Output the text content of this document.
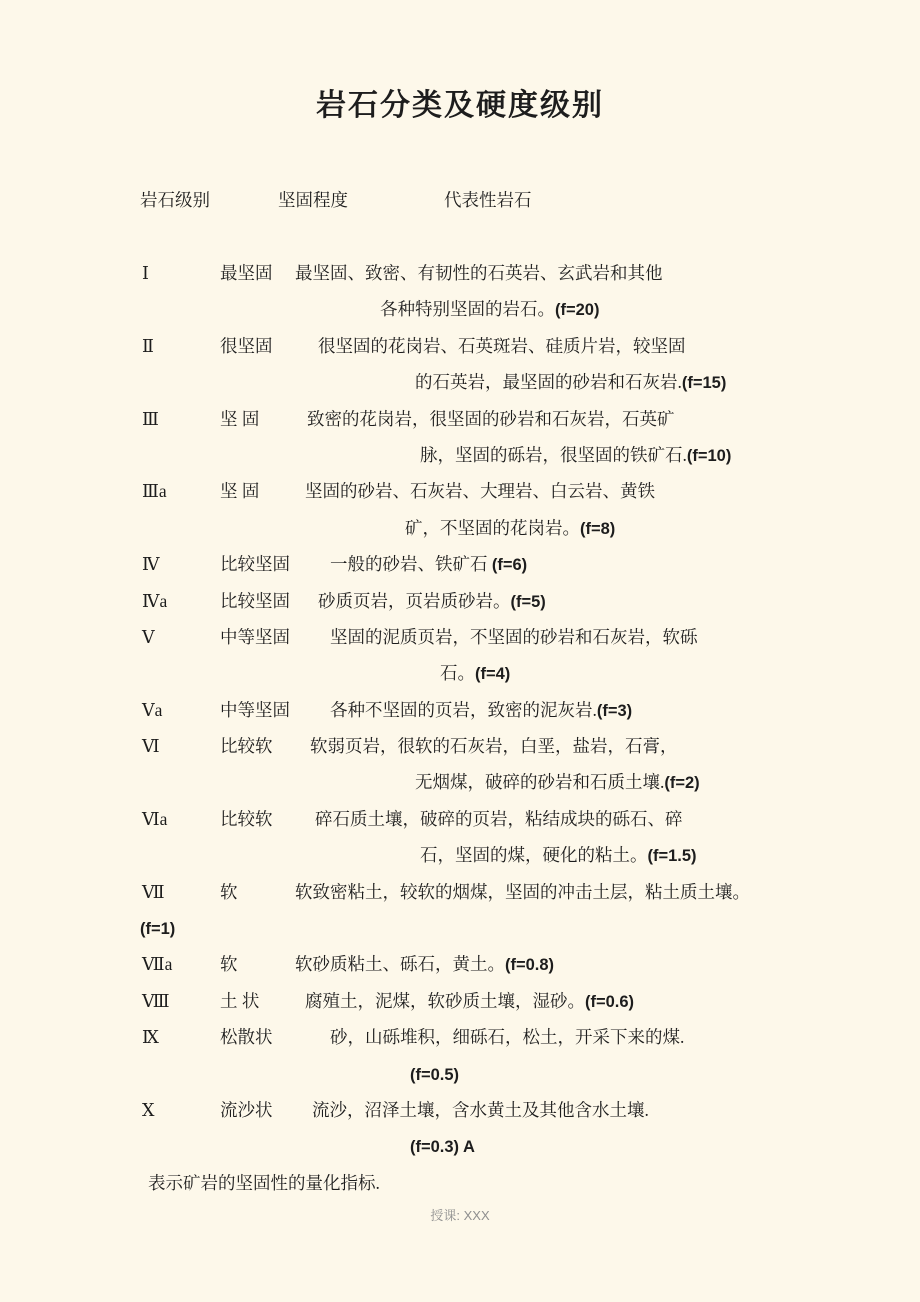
岩石分类及硬度级别
岩石级别	坚固程度	代表性岩石
Ⅰ	最坚固 最坚固、致密、有韧性的石英岩、玄武岩和其他
各种特别坚固的岩石。(f=20)
Ⅱ	很坚固	很坚固的花岗岩、石英斑岩、硅质片岩，较坚固
的石英岩，最坚固的砂岩和石灰岩.(f=15)
Ⅲ	坚 固	致密的花岗岩，很坚固的砂岩和石灰岩，石英矿
脉，坚固的砾岩，很坚固的铁矿石.(f=10)
Ⅲa	坚 固	坚固的砂岩、石灰岩、大理岩、白云岩、黄铁
矿，不坚固的花岗岩。(f=8)
Ⅳ	比较坚固	一般的砂岩、铁矿石 (f=6)
Ⅳa	比较坚固	砂质页岩，页岩质砂岩。(f=5)
Ⅴ	中等坚固	坚固的泥质页岩，不坚固的砂岩和石灰岩，软砾
石。(f=4)
Ⅴa	中等坚固	各种不坚固的页岩，致密的泥灰岩.(f=3)
Ⅵ	比较软	软弱页岩，很软的石灰岩，白垩，盐岩，石膏，
无烟煤，破碎的砂岩和石质土壤.(f=2)
Ⅵa	比较软	碎石质土壤，破碎的页岩，粘结成块的砾石、碎
石，坚固的煤，硬化的粘土。(f=1.5)
Ⅶ	软	软致密粘土，较软的烟煤，坚固的冲击土层，粘土质土壤。
(f=1)
Ⅶa	软	软砂质粘土、砾石，黄土。(f=0.8)
Ⅷ	土 状	腐殖土，泥煤，软砂质土壤，湿砂。(f=0.6)
Ⅸ	松散状	砂，山砾堆积，细砾石，松土，开采下来的煤.
(f=0.5)
Ⅹ	流沙状	流沙，沼泽土壤，含水黄土及其他含水土壤.
(f=0.3) A
表示矿岩的坚固性的量化指标.
授课: XXX
